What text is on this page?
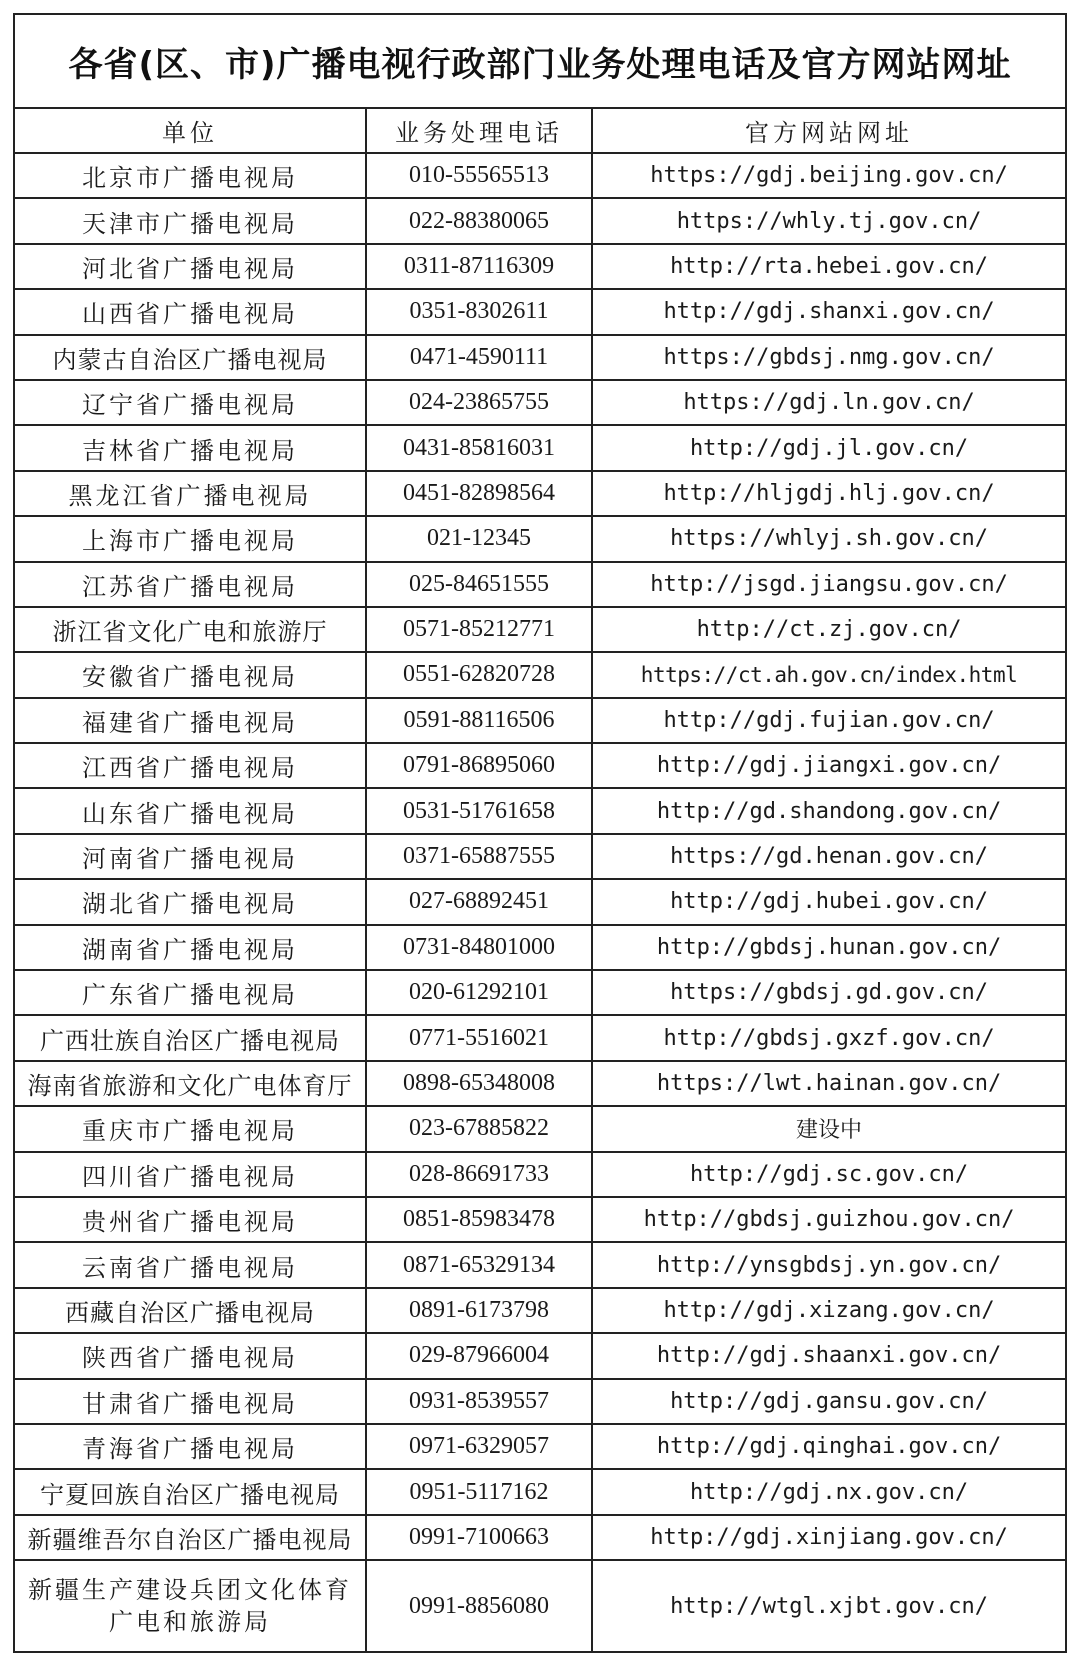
各省(区、市)广播电视行政部门业务处理电话及官方网站网址		
单位	业务处理电话	官方网站网址
北京市广播电视局	010-55565513	https://gdj.beijing.gov.cn/
天津市广播电视局	022-88380065	https://whly.tj.gov.cn/
河北省广播电视局	0311-87116309	http://rta.hebei.gov.cn/
山西省广播电视局	0351-8302611	http://gdj.shanxi.gov.cn/
内蒙古自治区广播电视局	0471-4590111	https://gbdsj.nmg.gov.cn/
辽宁省广播电视局	024-23865755	https://gdj.ln.gov.cn/
吉林省广播电视局	0431-85816031	http://gdj.jl.gov.cn/
黑龙江省广播电视局	0451-82898564	http://hljgdj.hlj.gov.cn/
上海市广播电视局	021-12345	https://whlyj.sh.gov.cn/
江苏省广播电视局	025-84651555	http://jsgd.jiangsu.gov.cn/
浙江省文化广电和旅游厅	0571-85212771	http://ct.zj.gov.cn/
安徽省广播电视局	0551-62820728	https://ct.ah.gov.cn/index.html
福建省广播电视局	0591-88116506	http://gdj.fujian.gov.cn/
江西省广播电视局	0791-86895060	http://gdj.jiangxi.gov.cn/
山东省广播电视局	0531-51761658	http://gd.shandong.gov.cn/
河南省广播电视局	0371-65887555	https://gd.henan.gov.cn/
湖北省广播电视局	027-68892451	http://gdj.hubei.gov.cn/
湖南省广播电视局	0731-84801000	http://gbdsj.hunan.gov.cn/
广东省广播电视局	020-61292101	https://gbdsj.gd.gov.cn/
广西壮族自治区广播电视局	0771-5516021	http://gbdsj.gxzf.gov.cn/
海南省旅游和文化广电体育厅	0898-65348008	https://lwt.hainan.gov.cn/
重庆市广播电视局	023-67885822	建设中
四川省广播电视局	028-86691733	http://gdj.sc.gov.cn/
贵州省广播电视局	0851-85983478	http://gbdsj.guizhou.gov.cn/
云南省广播电视局	0871-65329134	http://ynsgbdsj.yn.gov.cn/
西藏自治区广播电视局	0891-6173798	http://gdj.xizang.gov.cn/
陕西省广播电视局	029-87966004	http://gdj.shaanxi.gov.cn/
甘肃省广播电视局	0931-8539557	http://gdj.gansu.gov.cn/
青海省广播电视局	0971-6329057	http://gdj.qinghai.gov.cn/
宁夏回族自治区广播电视局	0951-5117162	http://gdj.nx.gov.cn/
新疆维吾尔自治区广播电视局	0991-7100663	http://gdj.xinjiang.gov.cn/

新疆生产建设兵团文化体育
广电和旅游局	0991-8856080	http://wtgl.xjbt.gov.cn/
